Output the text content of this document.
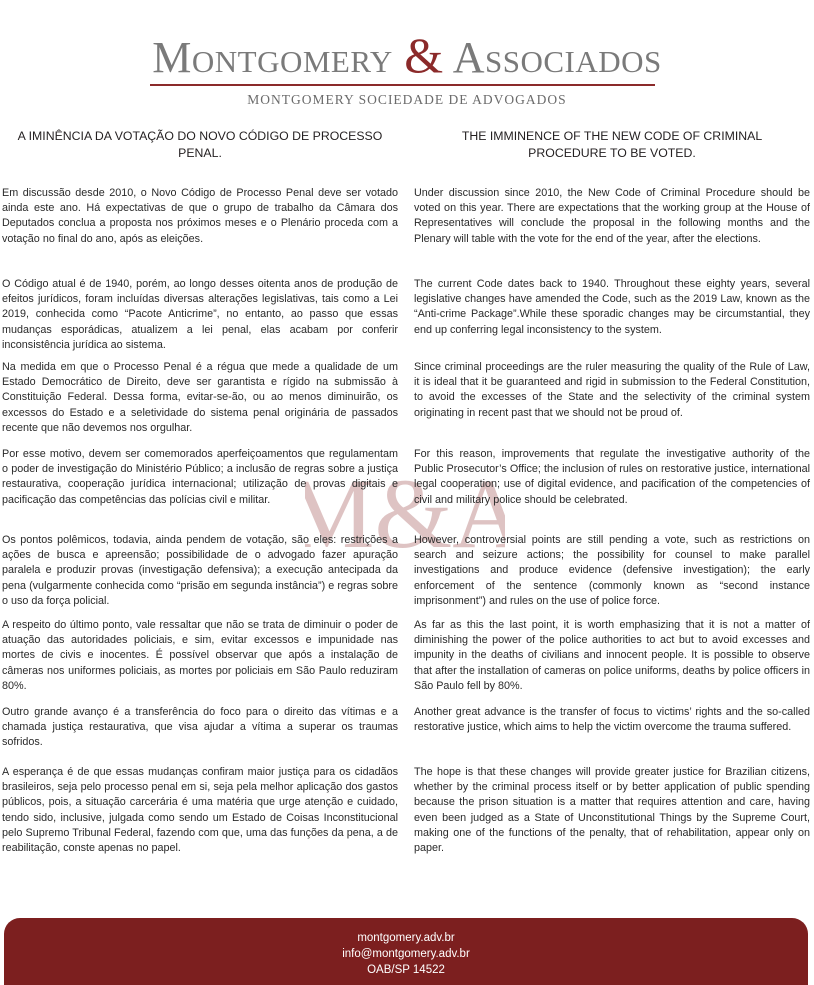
Montgomery & Associados
MONTGOMERY SOCIEDADE DE ADVOGADOS
M&A
A IMINÊNCIA DA VOTAÇÃO DO NOVO CÓDIGO DE PROCESSO PENAL.

Em discussão desde 2010, o Novo Código de Processo Penal deve ser votado ainda este ano. Há expectativas de que o grupo de trabalho da Câmara dos Deputados conclua a proposta nos próximos meses e o Plenário proceda com a votação no final do ano, após as eleições.

O Código atual é de 1940, porém, ao longo desses oitenta anos de produção de efeitos jurídicos, foram incluídas diversas alterações legislativas, tais como a Lei 2019, conhecida como “Pacote Anticrime”, no entanto, ao passo que essas mudanças esporádicas, atualizem a lei penal, elas acabam por conferir inconsistência jurídica ao sistema.

Na medida em que o Processo Penal é a régua que mede a qualidade de um Estado Democrático de Direito, deve ser garantista e rígido na submissão à Constituição Federal. Dessa forma, evitar-se-ão, ou ao menos diminuirão, os excessos do Estado e a seletividade do sistema penal originária de passados recente que não devemos nos orgulhar.

Por esse motivo, devem ser comemorados aperfeiçoamentos que regulamentam o poder de investigação do Ministério Público; a inclusão de regras sobre a justiça restaurativa, cooperação jurídica internacional; utilização de provas digitais e pacificação das competências das polícias civil e militar.

Os pontos polêmicos, todavia, ainda pendem de votação, são eles: restrições a ações de busca e apreensão; possibilidade de o advogado fazer apuração paralela e produzir provas (investigação defensiva); a execução antecipada da pena (vulgarmente conhecida como “prisão em segunda instância”) e regras sobre o uso da força policial.

A respeito do último ponto, vale ressaltar que não se trata de diminuir o poder de atuação das autoridades policiais, e sim, evitar excessos e impunidade nas mortes de civis e inocentes. É possível observar que após a instalação de câmeras nos uniformes policiais, as mortes por policiais em São Paulo reduziram 80%.

Outro grande avanço é a transferência do foco para o direito das vítimas e a chamada justiça restaurativa, que visa ajudar a vítima a superar os traumas sofridos.

A esperança é de que essas mudanças confiram maior justiça para os cidadãos brasileiros, seja pelo processo penal em si, seja pela melhor aplicação dos gastos públicos, pois, a situação carcerária é uma matéria que urge atenção e cuidado, tendo sido, inclusive, julgada como sendo um Estado de Coisas Inconstitucional pelo Supremo Tribunal Federal, fazendo com que, uma das funções da pena, a de reabilitação, conste apenas no papel.

THE IMMINENCE OF THE NEW CODE OF CRIMINAL PROCEDURE TO BE VOTED.

Under discussion since 2010, the New Code of Criminal Procedure should be voted on this year. There are expectations that the working group at the House of Representatives will conclude the proposal in the following months and the Plenary will table with the vote for the end of the year, after the elections.

The current Code dates back to 1940. Throughout these eighty years, several legislative changes have amended the Code, such as the 2019 Law, known as the “Anti-crime Package”.While these sporadic changes may be circumstantial, they end up conferring legal inconsistency to the system.

Since criminal proceedings are the ruler measuring the quality of the Rule of Law, it is ideal that it be guaranteed and rigid in submission to the Federal Constitution, to avoid the excesses of the State and the selectivity of the criminal system originating in recent past that we should not be proud of.

For this reason, improvements that regulate the investigative authority of the Public Prosecutor’s Office; the inclusion of rules on restorative justice, international legal cooperation; use of digital evidence, and pacification of the competencies of civil and military police should be celebrated.

However, controversial points are still pending a vote, such as restrictions on search and seizure actions; the possibility for counsel to make parallel investigations and produce evidence (defensive investigation); the early enforcement of the sentence (commonly known as “second instance imprisonment”) and rules on the use of police force.

As far as this the last point, it is worth emphasizing that it is not a matter of diminishing the power of the police authorities to act but to avoid excesses and impunity in the deaths of civilians and innocent people. It is possible to observe that after the installation of cameras on police uniforms, deaths by police officers in São Paulo fell by 80%.

Another great advance is the transfer of focus to victims’ rights and the so-called restorative justice, which aims to help the victim overcome the trauma suffered.

The hope is that these changes will provide greater justice for Brazilian citizens, whether by the criminal process itself or by better application of public spending because the prison situation is a matter that requires attention and care, having even been judged as a State of Unconstitutional Things by the Supreme Court, making one of the functions of the penalty, that of rehabilitation, appear only on paper.

montgomery.adv.br
info@montgomery.adv.br
OAB/SP 14522
